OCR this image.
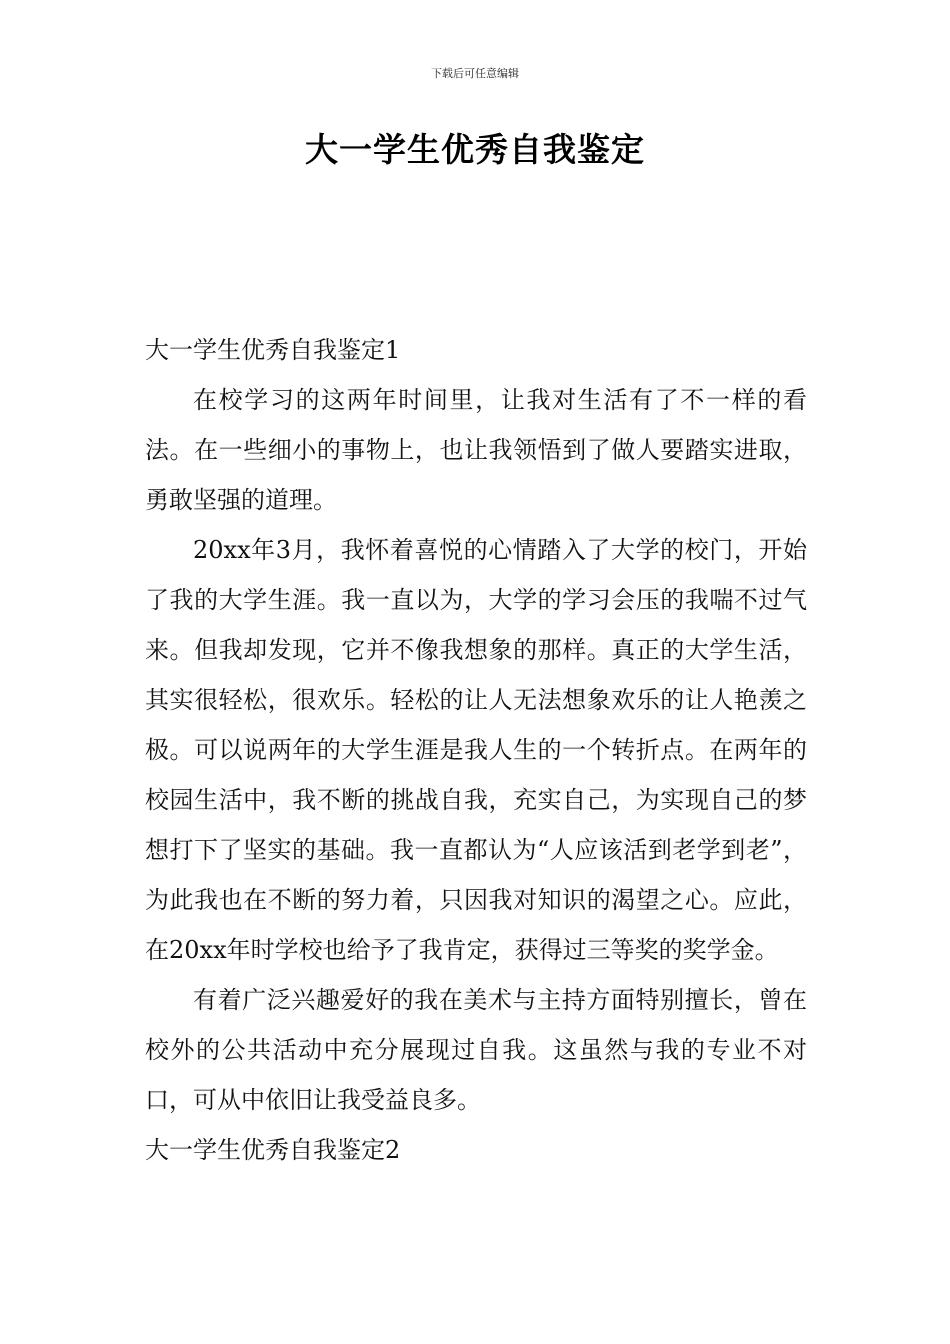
下载后可任意编辑
大一学生优秀自我鉴定

大一学生优秀自我鉴定1

在校学习的这两年时间里，让我对生活有了不一样的看法。在一些细小的事物上，也让我领悟到了做人要踏实进取，勇敢坚强的道理。

20xx年3月，我怀着喜悦的心情踏入了大学的校门，开始了我的大学生涯。我一直以为，大学的学习会压的我喘不过气来。但我却发现，它并不像我想象的那样。真正的大学生活，其实很轻松，很欢乐。轻松的让人无法想象欢乐的让人艳羡之极。可以说两年的大学生涯是我人生的一个转折点。在两年的校园生活中，我不断的挑战自我，充实自己，为实现自己的梦想打下了坚实的基础。我一直都认为“人应该活到老学到老”，为此我也在不断的努力着，只因我对知识的渴望之心。应此，在20xx年时学校也给予了我肯定，获得过三等奖的奖学金。

有着广泛兴趣爱好的我在美术与主持方面特别擅长，曾在校外的公共活动中充分展现过自我。这虽然与我的专业不对口，可从中依旧让我受益良多。

大一学生优秀自我鉴定2
